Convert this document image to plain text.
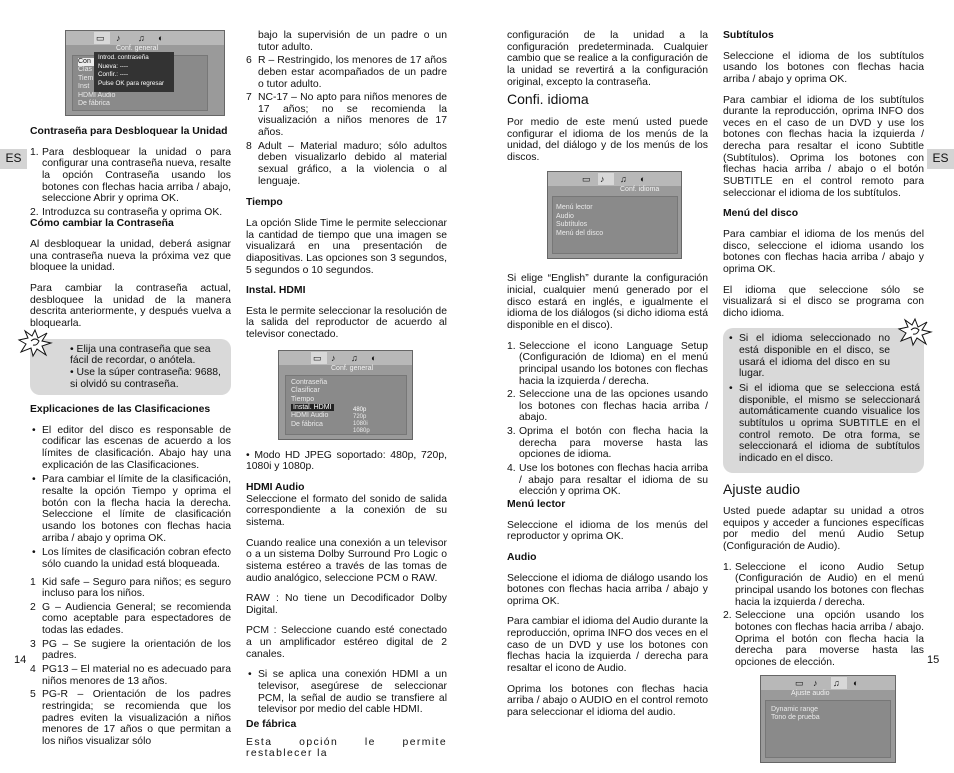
ES	ES
▭ ♪ ♫ ◐
Conf. general
Con
Clas
Tiem
Inst
HDMI Audio
De fábrica
Introd. contraseña
Nueva: ----
Confir.: ----
Pulse OK para regresar

Contraseña para Desbloquear la Unidad

1. Para desbloquear la unidad o para configurar una contraseña nueva, resalte la opción Contraseña usando los botones con flechas hacia arriba / abajo, seleccione Abrir y oprima OK.
2. Introduzca su contraseña y oprima OK.

Cómo cambiar la Contraseña

Al desbloquear la unidad, deberá asignar una contraseña nueva la próxima vez que bloquee la unidad.

Para cambiar la contraseña actual, desbloquee la unidad de la manera descrita anteriormente, y después vuelva a bloquearla.

• Elija una contraseña que sea fácil de recordar, o anótela.

• Use la súper contraseña: 9688, si olvidó su contraseña.

Explicaciones de las Clasificaciones

• El editor del disco es responsable de codificar las escenas de acuerdo a los límites de clasificación. Abajo hay una explicación de las Clasificaciones.
• Para cambiar el límite de la clasificación, resalte la opción Tiempo y oprima el botón con la flecha hacia la derecha. Seleccione el límite de clasificación usando los botones con flechas hacia arriba / abajo y oprima OK.
• Los límites de clasificación cobran efecto sólo cuando la unidad está bloqueada.
1 Kid safe – Seguro para niños; es seguro incluso para los niños.
2 G – Audiencia General; se recomienda como aceptable para espectadores de todas las edades.
3 PG – Se sugiere la orientación de los padres.
4 PG13 – El material no es adecuado para niños menores de 13 años.
5 PG-R – Orientación de los padres restringida; se recomienda que los padres eviten la visualización a niños menores de 17 años o que permitan a los niños visualizar sólo

bajo la supervisión de un padre o un tutor adulto.

6 R – Restringido, los menores de 17 años deben estar acompañados de un padre o tutor adulto.
7 NC-17 – No apto para niños menores de 17 años; no se recomienda la visualización a niños menores de 17 años.
8 Adult – Material maduro; sólo adultos deben visualizarlo debido al material sexual gráfico, a la violencia o al lenguaje.

Tiempo

La opción Slide Time le permite seleccionar la cantidad de tiempo que una imagen se visualizará en una presentación de diapositivas. Las opciones son 3 segundos, 5 segundos o 10 segundos.

Instal. HDMI

Esta le permite seleccionar la resolución de la salida del reproductor de acuerdo al televisor conectado.

▭ ♪ ♫ ◐
Conf. general
Contraseña
Clasificar
Tiempo
Instal. HDMI
HDMI Audio
De fábrica
480p
720p
1080i
1080p

• Modo HD JPEG soportado: 480p, 720p, 1080i y 1080p.

HDMI Audio

Seleccione el formato del sonido de salida correspondiente a la conexión de su sistema.

Cuando realice una conexión a un televisor o a un sistema Dolby Surround Pro Logic o sistema estéreo a través de las tomas de audio analógico, seleccione PCM o RAW.

RAW : No tiene un Decodificador Dolby Digital.

PCM : Seleccione cuando esté conectado a un amplificador estéreo digital de 2 canales.

• Si se aplica una conexión HDMI a un televisor, asegúrese de seleccionar PCM, la señal de audio se transfiere al televisor por medio del cable HDMI.

De fábrica

Esta opción le permite restablecer la

configuración de la unidad a la configuración predeterminada. Cualquier cambio que se realice a la configuración de la unidad se revertirá a la configuración original, excepto la contraseña.

Confi. idioma

Por medio de este menú usted puede configurar el idioma de los menús de la unidad, del diálogo y de los menús de los discos.

▭ ♪ ♫ ◐
Conf. idioma
Menú lector
Audio
Subtítulos
Menú del disco

Si elige “English” durante la configuración inicial, cualquier menú generado por el disco estará en inglés, e igualmente el idioma de los diálogos (si dicho idioma está disponible en el disco).

1. Seleccione el icono Language Setup (Configuración de Idioma) en el menú principal usando los botones con flechas hacia la izquierda / derecha.
2. Seleccione una de las opciones usando los botones con flechas hacia arriba / abajo.
3. Oprima el botón con flecha hacia la derecha para moverse hasta las opciones de idioma.
4. Use los botones con flechas hacia arriba / abajo para resaltar el idioma de su elección y oprima OK.

Menú lector

Seleccione el idioma de los menús del reproductor y oprima OK.

Audio

Seleccione el idioma de diálogo usando los botones con flechas hacia arriba / abajo y oprima OK.

Para cambiar el idioma del Audio durante la reproducción, oprima INFO dos veces en el caso de un DVD y use los botones con flechas hacia la izquierda / derecha para resaltar el icono de Audio.

Oprima los botones con flechas hacia arriba / abajo o AUDIO en el control remoto para seleccionar el idioma del audio.

Subtítulos

Seleccione el idioma de los subtítulos usando los botones con flechas hacia arriba / abajo y oprima OK.

Para cambiar el idioma de los subtítulos durante la reproducción, oprima INFO dos veces en el caso de un DVD y use los botones con flechas hacia la izquierda / derecha para resaltar el icono Subtitle (Subtítulos). Oprima los botones con flechas hacia arriba / abajo o el botón SUBTITLE en el control remoto para seleccionar el idioma de los subtítulos.

Menú del disco

Para cambiar el idioma de los menús del disco, seleccione el idioma usando los botones con flechas hacia arriba / abajo y oprima OK.

El idioma que seleccione sólo se visualizará si el disco se programa con dicho idioma.

• Si el idioma seleccionado no está disponible en el disco, se usará el idioma del disco en su lugar.
• Si el idioma que se selecciona está disponible, el mismo se seleccionará automáticamente cuando visualice los subtítulos u oprima SUBTITLE en el control remoto. De otra forma, se seleccionará el idioma de subtítulos indicado en el disco.

Ajuste audio

Usted puede adaptar su unidad a otros equipos y acceder a funciones específicas por medio del menú Audio Setup (Configuración de Audio).

1. Seleccione el icono Audio Setup (Configuración de Audio) en el menú principal usando los botones con flechas hacia la izquierda / derecha.
2. Seleccione una opción usando los botones con flechas hacia arriba / abajo. Oprima el botón con flecha hacia la derecha para moverse hasta las opciones de elección.
▭ ♪ ♫ ◐
Ajuste audio
Dynamic range
Tono de prueba
14	15
